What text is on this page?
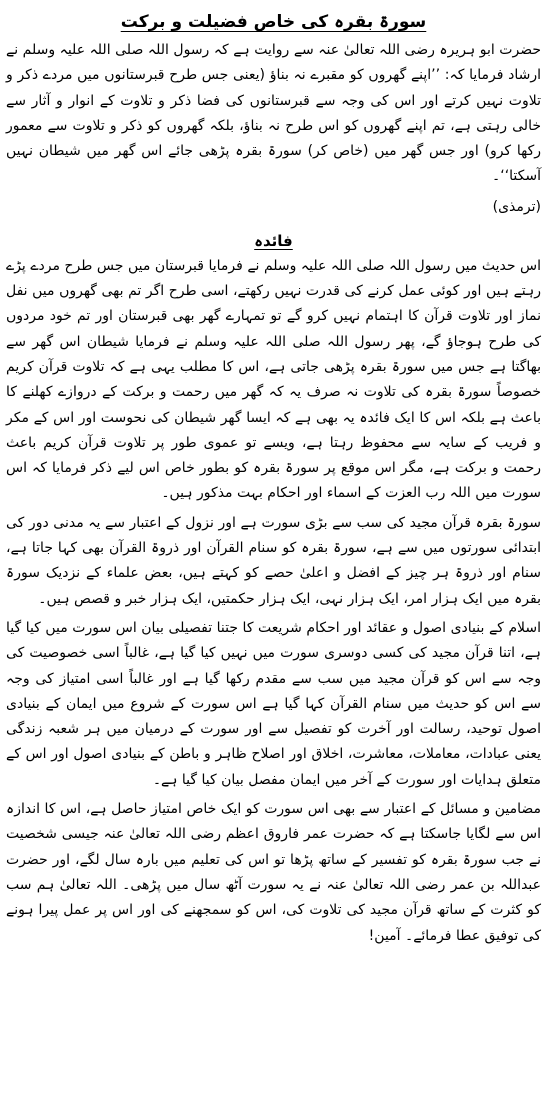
سورۃ بقرہ کی خاص فضیلت و برکت

حضرت ابو ہریرہ رضی اللہ تعالیٰ عنہ سے روایت ہے کہ رسول اللہ صلی اللہ علیہ وسلم نے ارشاد فرمایا کہ: ’’اپنے گھروں کو مقبرے نہ بناؤ (یعنی جس طرح قبرستانوں میں مردے ذکر و تلاوت نہیں کرتے اور اس کی وجہ سے قبرستانوں کی فضا ذکر و تلاوت کے انوار و آثار سے خالی رہتی ہے، تم اپنے گھروں کو اس طرح نہ بناؤ، بلکہ گھروں کو ذکر و تلاوت سے معمور رکھا کرو) اور جس گھر میں (خاص کر) سورۃ بقرہ پڑھی جائے اس گھر میں شیطان نہیں آسکتا‘‘۔

(ترمذی)
فائدہ

اس حدیث میں رسول اللہ صلی اللہ علیہ وسلم نے فرمایا قبرستان میں جس طرح مردے پڑے رہتے ہیں اور کوئی عمل کرنے کی قدرت نہیں رکھتے، اسی طرح اگر تم بھی گھروں میں نفل نماز اور تلاوت قرآن کا اہتمام نہیں کرو گے تو تمہارے گھر بھی قبرستان اور تم خود مردوں کی طرح ہوجاؤ گے، پھر رسول اللہ صلی اللہ علیہ وسلم نے فرمایا شیطان اس گھر سے بھاگتا ہے جس میں سورۃ بقرہ پڑھی جاتی ہے، اس کا مطلب یہی ہے کہ تلاوت قرآن کریم خصوصاً سورۃ بقرہ کی تلاوت نہ صرف یہ کہ گھر میں رحمت و برکت کے دروازے کھلنے کا باعث ہے بلکہ اس کا ایک فائدہ یہ بھی ہے کہ ایسا گھر شیطان کی نحوست اور اس کے مکر و فریب کے سایہ سے محفوظ رہتا ہے، ویسے تو عموی طور پر تلاوت قرآن کریم باعث رحمت و برکت ہے، مگر اس موقع پر سورۃ بقرہ کو بطور خاص اس لیے ذکر فرمایا کہ اس سورت میں اللہ رب العزت کے اسماء اور احکام بہت مذکور ہیں۔

سورۃ بقرہ قرآن مجید کی سب سے بڑی سورت ہے اور نزول کے اعتبار سے یہ مدنی دور کی ابتدائی سورتوں میں سے ہے، سورۃ بقرہ کو سنام القرآن اور ذروۃ القرآن بھی کہا جاتا ہے، سنام اور ذروۃ ہر چیز کے افضل و اعلیٰ حصے کو کہتے ہیں، بعض علماء کے نزدیک سورۃ بقرہ میں ایک ہزار امر، ایک ہزار نہی، ایک ہزار حکمتیں، ایک ہزار خبر و قصص ہیں۔

اسلام کے بنیادی اصول و عقائد اور احکام شریعت کا جتنا تفصیلی بیان اس سورت میں کیا گیا ہے، اتنا قرآن مجید کی کسی دوسری سورت میں نہیں کیا گیا ہے، غالباً اسی خصوصیت کی وجہ سے اس کو قرآن مجید میں سب سے مقدم رکھا گیا ہے اور غالباً اسی امتیاز کی وجہ سے اس کو حدیث میں سنام القرآن کہا گیا ہے اس سورت کے شروع میں ایمان کے بنیادی اصول توحید، رسالت اور آخرت کو تفصیل سے اور سورت کے درمیان میں ہر شعبہ زندگی یعنی عبادات، معاملات، معاشرت، اخلاق اور اصلاح ظاہر و باطن کے بنیادی اصول اور اس کے متعلق ہدایات اور سورت کے آخر میں ایمان مفصل بیان کیا گیا ہے۔

مضامین و مسائل کے اعتبار سے بھی اس سورت کو ایک خاص امتیاز حاصل ہے، اس کا اندازہ اس سے لگایا جاسکتا ہے کہ حضرت عمر فاروق اعظم رضی اللہ تعالیٰ عنہ جیسی شخصیت نے جب سورۃ بقرہ کو تفسیر کے ساتھ پڑھا تو اس کی تعلیم میں بارہ سال لگے، اور حضرت عبداللہ بن عمر رضی اللہ تعالیٰ عنہ نے یہ سورت آٹھ سال میں پڑھی۔ اللہ تعالیٰ ہم سب کو کثرت کے ساتھ قرآن مجید کی تلاوت کی، اس کو سمجھنے کی اور اس پر عمل پیرا ہونے کی توفیق عطا فرمائے۔ آمین!
